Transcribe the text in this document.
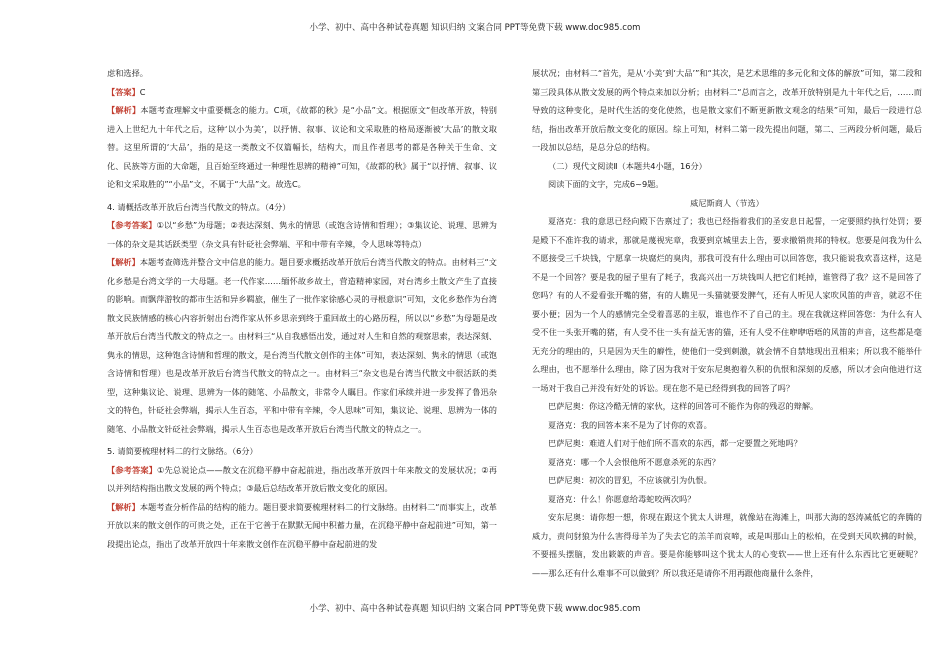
小学、初中、高中各种试卷真题 知识归纳 文案合同 PPT等免费下载 www.doc985.com

虑和选择。

【答案】C

【解析】本题考查理解文中重要概念的能力。C项，《故都的秋》是“小品”文。根据原文“但改革开放，特别进入上世纪九十年代之后，这种‘以小为美’，以抒情、叙事、议论和文采取胜的格局逐渐被‘大品’的散文取替。这里所谓的‘大品’，指的是这一类散文不仅篇幅长，结构大，而且作者思考的都是各种关于生命、文化、民族等方面的大命题，且百始至终通过一种理性思辨的精神”可知，《故都的秋》属于“以抒情、叙事、议论和文采取胜的”“小品”文，不属于“大品”文。故选C。

4. 请概括改革开放后台湾当代散文的特点。（4分）

【参考答案】①以“乡愁”为母题；②表达深刻、隽永的情思（或饱含诗情和哲理）；③集议论、说理、思辨为一体的杂文是其话跃类型（杂文具有针砭社会弊端、平和中带有辛辣，令人思味等特点）

【解析】本题考查筛选并整合文中信息的能力。题目要求概括改革开放后台湾当代散文的特点。由材料三“文化乡愁是台湾文学的一大母题。老一代作家……缅怀故乡故土，营造精神家园，对台湾乡土散文产生了直接的影响。而飘萍游牧的都市生活和异乡羁旅，催生了一批作家徐感心灵的寻根意识”可知，文化乡愁作为台湾散文民族情感的核心内容折射出台湾作家从怀乡思亲到终于重回故土的心路历程，所以以“乡愁”为母题是改革开放后台湾当代散文的特点之一。由材料三“从自我感悟出发，通过对人生和自然的观察思索，表达深刻、隽永的情思，这种饱含诗情和哲理的散文，是台湾当代散文创作的主体”可知，表达深刻、隽永的情思（或饱含诗情和哲理）也是改革开放后台湾当代散文的特点之一。由材料三“杂文也是台湾当代散文中很活跃的类型，这种集议论、说理、思辨为一体的随笔、小品散文，非常令人瞩目。作家们承续并进一步发挥了鲁迅杂文的特色，针砭社会弊端，揭示人生百态，平和中带有辛辣，令人思味”可知，集议论、说理、思辨为一体的随笔、小品散文针砭社会弊端，揭示人生百态也是改革开放后台湾当代散文的特点之一。

5. 请简要梳理材料二的行文脉络。（6分）

【参考答案】①先总说论点——散文在沉稳平静中奋起前进，指出改革开放四十年来散文的发展状况；②再以并列结构指出散文发展的两个特点；③最后总结改革开放后散文变化的原因。

【解析】本题考查分析作品的结构的能力。题目要求简要梳理材料二的行文脉络。由材料二“而事实上，改革开放以来的散文创作的可贵之处，正在于它善于在默默无闻中积蓄力量，在沉稳平静中奋起前进”可知，第一段提出论点，指出了改革开放四十年来散文创作在沉稳平静中奋起前进的发

展状况；由材料二“首先，是从‘小美’到‘大品’”和“其次，是艺术思维的多元化和文体的解放”可知，第二段和第三段具体从散文发展的两个特点来加以分析；由材料二“总而言之，改革开放特别是九十年代之后，……而导致的这种变化，是时代生活的变化使然，也是散文家们不断更新散文观念的结果”可知，最后一段进行总结，指出改革开放后散文变化的原因。综上可知，材料二第一段先提出问题，第二、三两段分析问题，最后一段加以总结，是总分总的结构。

（二）现代文阅读Ⅱ（本题共4小题，16分）

阅读下面的文字，完成6~9题。

威尼斯商人（节选）

夏洛克：我的意思已经向殿下告禀过了；我也已经指着我们的圣安息日起誓，一定要照约执行处罚；要是殿下不准许我的请求，那就是蔑视宪章，我要到京城里去上告，要求撤销贵邦的特权。您要是问我为什么不愿接受三千块钱，宁愿拿一块腐烂的臭肉，那我可没有什么理由可以回答您，我只能说我欢喜这样，这是不是一个回答？要是我的屋子里有了耗子，我高兴出一万块钱叫人把它们耗掉，谁管得了我？这不是回答了您吗？有的人不爱看张开嘴的猪，有的人瞧见一头猫就要发脾气，还有人听见人家吹风笛的声音，就忍不住要小便；因为一个人的感情完全受着喜恶的主驭，谁也作不了自己的主。现在我就这样回答您：为什么有人受不住一头张开嘴的猪，有人受不住一头有益无害的猫，还有人受不住咿咿唔唔的风笛的声音，这些都是毫无充分的理由的，只是因为天生的癖性，使他们一受到刺激，就会情不自禁地现出丑相来；所以我不能举什么理由，也不愿举什么理由，除了因为我对于安东尼奥抱着久积的仇恨和深刻的反感，所以才会向他进行这一场对于我自己并没有好处的诉讼。现在您不是已经得到我的回答了吗？

巴萨尼奥：你这冷酷无情的家伙，这样的回答可不能作为你的残忍的辩解。

夏洛克：我的回答本来不是为了讨你的欢喜。

巴萨尼奥：难道人们对于他们所不喜欢的东西，都一定要置之死地吗？

夏洛克：哪一个人会恨他所不愿意杀死的东西？

巴萨尼奥：初次的冒犯，不应该就引为仇恨。

夏洛克：什么！你愿意给毒蛇咬两次吗？

安东尼奥：请你想一想，你现在跟这个犹太人讲理，就像站在海滩上，叫那大海的怒涛减低它的奔腾的威力，责问豺狼为什么害得母羊为了失去它的羔羊而哀啼，或是叫那山上的松柏，在受到天风吹拂的时候，不要摇头摆脑，发出簌簌的声音。要是你能够叫这个犹太人的心变软——世上还有什么东西比它更硬呢？——那么还有什么难事不可以做到？所以我还是请你不用再跟他商量什么条件，

小学、初中、高中各种试卷真题 知识归纳 文案合同 PPT等免费下载 www.doc985.com
